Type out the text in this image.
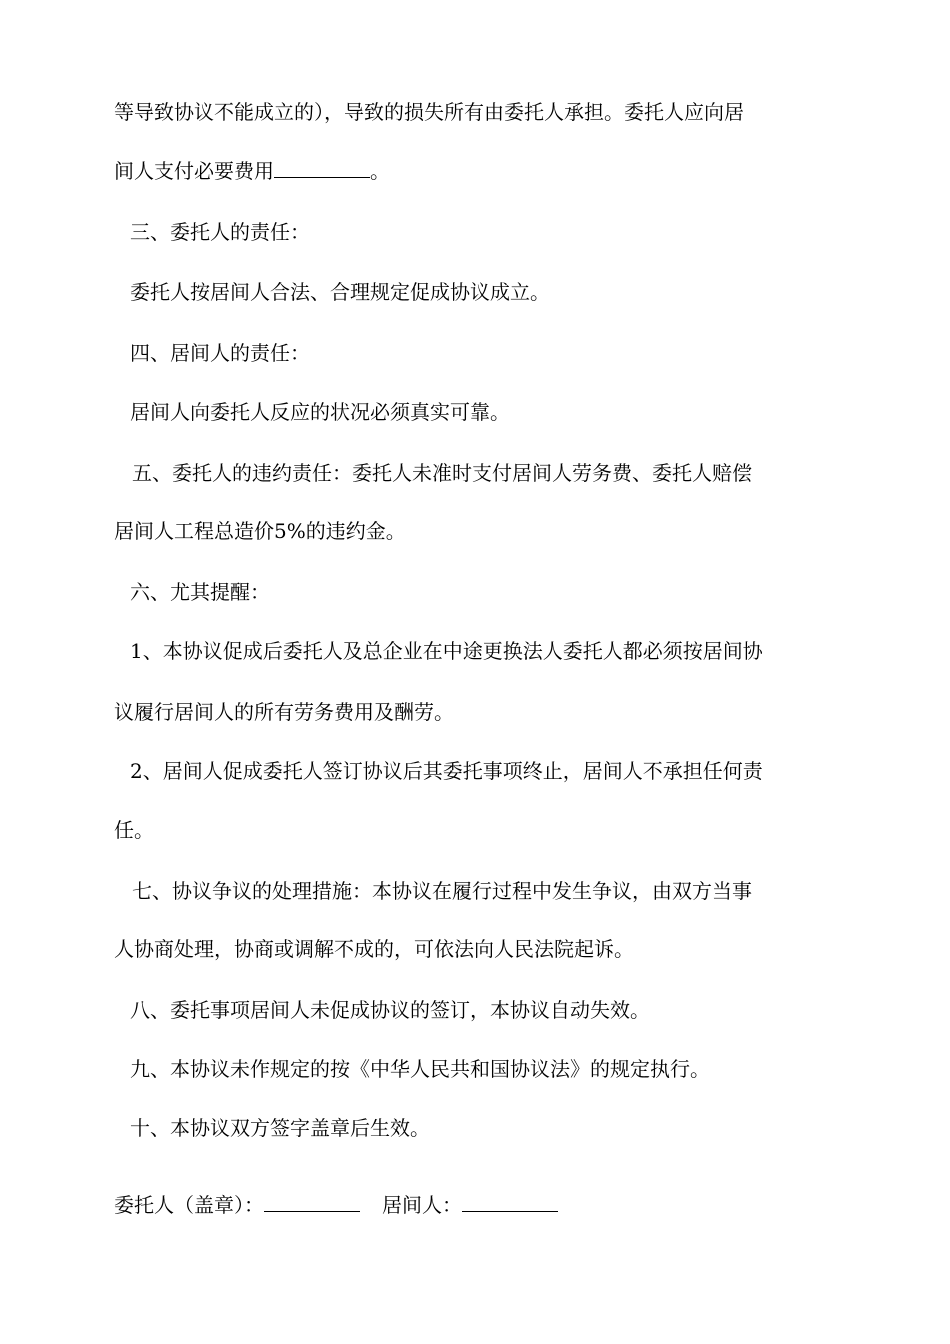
等导致协议不能成立的），导致的损失所有由委托人承担。委托人应向居
间人支付必要费用	。
三、委托人的责任：
委托人按居间人合法、合理规定促成协议成立。
四、居间人的责任：
居间人向委托人反应的状况必须真实可靠。
五、委托人的违约责任：委托人未准时支付居间人劳务费、委托人赔偿
居间人工程总造价5%的违约金。
六、尤其提醒：
1、本协议促成后委托人及总企业在中途更换法人委托人都必须按居间协
议履行居间人的所有劳务费用及酬劳。
2、居间人促成委托人签订协议后其委托事项终止，居间人不承担任何责
任。
七、协议争议的处理措施：本协议在履行过程中发生争议，由双方当事
人协商处理，协商或调解不成的，可依法向人民法院起诉。
八、委托事项居间人未促成协议的签订，本协议自动失效。
九、本协议未作规定的按《中华人民共和国协议法》的规定执行。
十、本协议双方签字盖章后生效。
委托人（盖章）：	居间人：
